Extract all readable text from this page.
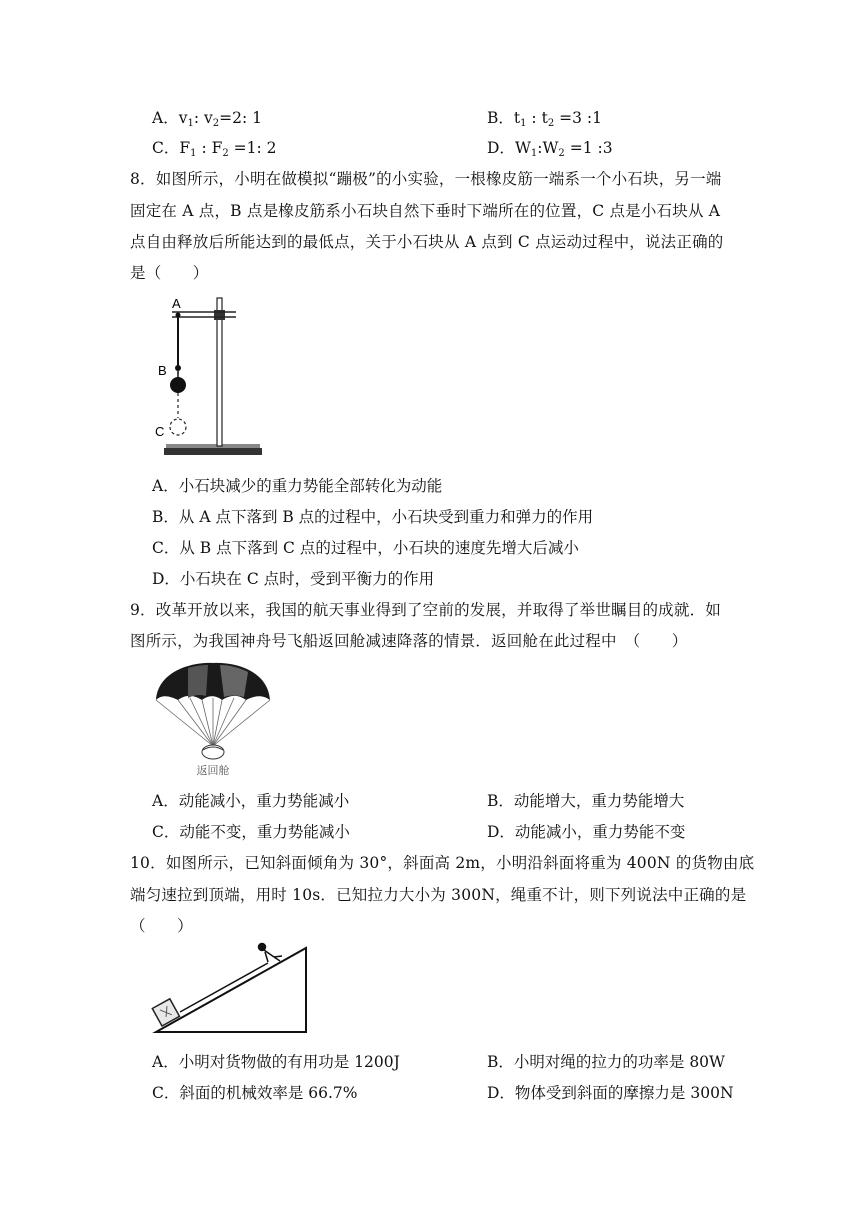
A．$v_1$: $v_2=2$: 1	B．$t_1$ : $t_2 =3$ :1
C．$F_1$ : $F_2 =1$: 2	D．$W_1:W_2 =1$ :3
8．如图所示，小明在做模拟“蹦极”的小实验，一根橡皮筋一端系一个小石块，另一端
固定在 A 点，B 点是橡皮筋系小石块自然下垂时下端所在的位置，C 点是小石块从 A
点自由释放后所能达到的最低点，关于小石块从 A 点到 C 点运动过程中，说法正确的
是（　　）
A
B
C
A．小石块减少的重力势能全部转化为动能
B．从 A 点下落到 B 点的过程中，小石块受到重力和弹力的作用
C．从 B 点下落到 C 点的过程中，小石块的速度先增大后减小
D．小石块在 C 点时，受到平衡力的作用
9．改革开放以来，我国的航天事业得到了空前的发展，并取得了举世瞩目的成就．如
图所示，为我国神舟号飞船返回舱减速降落的情景．返回舱在此过程中　（　　）
返回舱
A．动能减小，重力势能减小	B．动能增大，重力势能增大
C．动能不变，重力势能减小	D．动能减小，重力势能不变
10．如图所示，已知斜面倾角为 30°，斜面高 2m，小明沿斜面将重为 400N 的货物由底
端匀速拉到顶端，用时 10s．已知拉力大小为 300N，绳重不计，则下列说法中正确的是
（　　）
A．小明对货物做的有用功是 1200J	B．小明对绳的拉力的功率是 80W
C．斜面的机械效率是 66.7%	D．物体受到斜面的摩擦力是 300N
